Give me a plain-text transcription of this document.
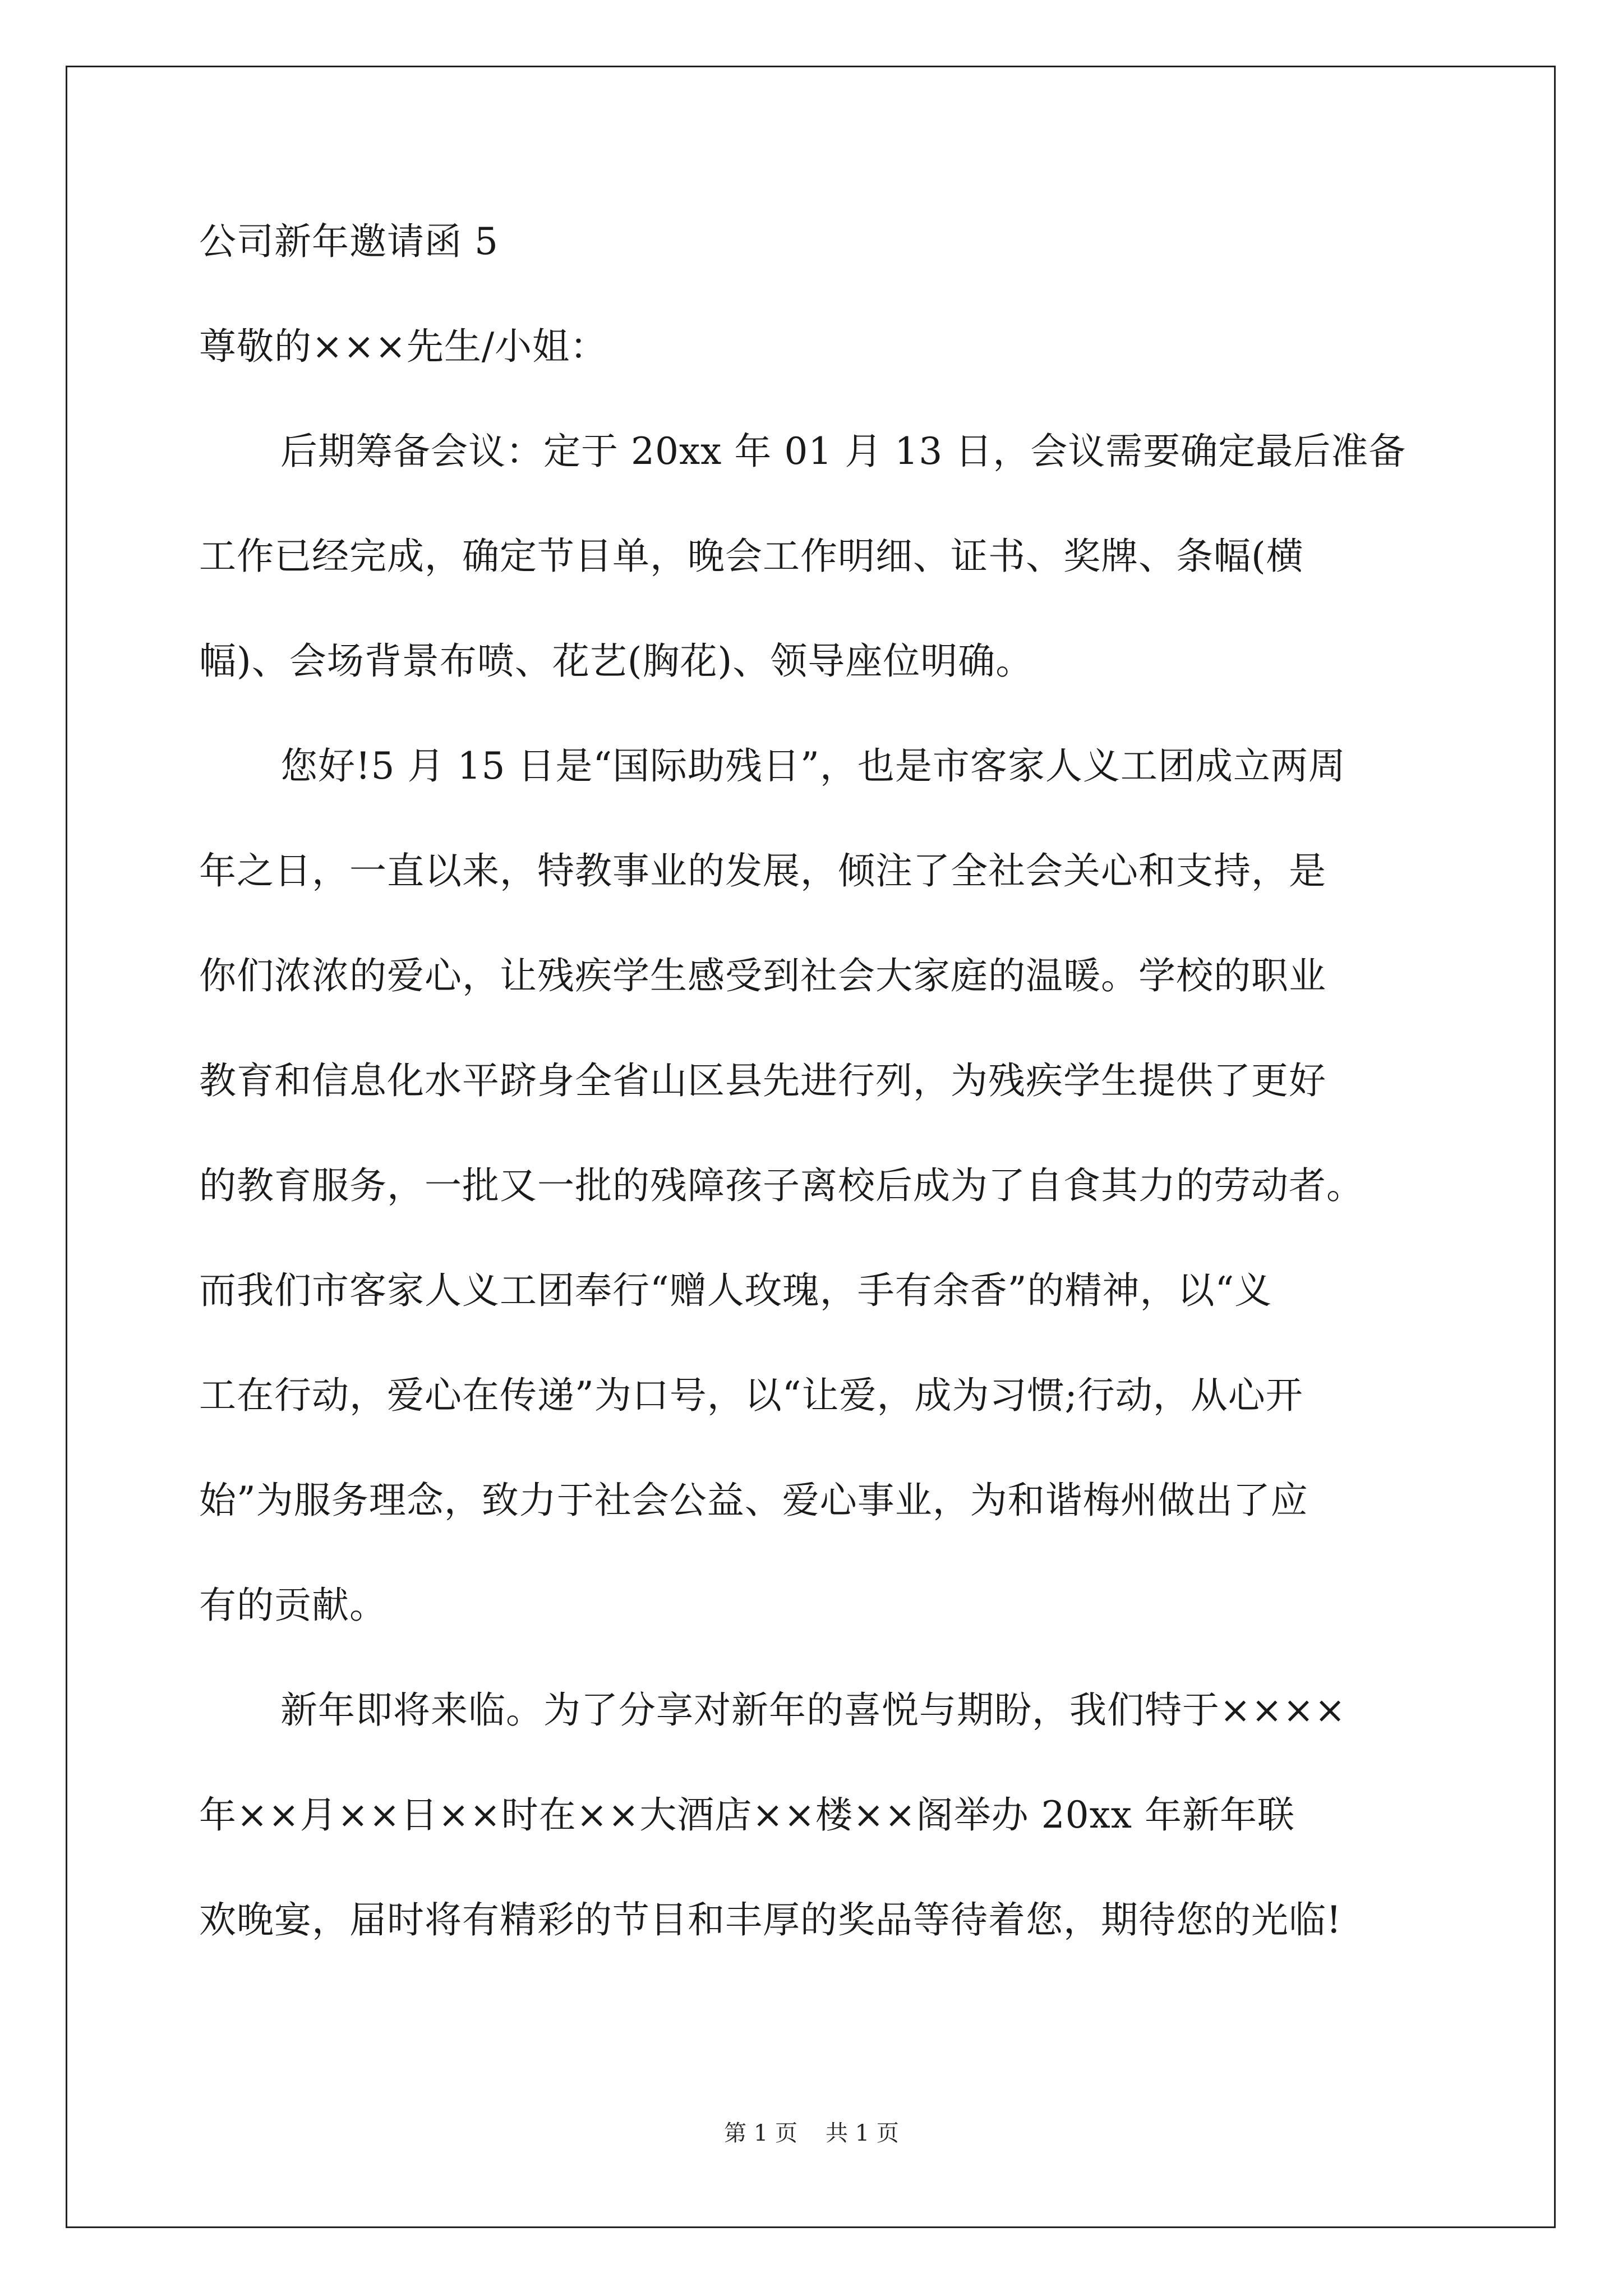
公司新年邀请函 5

尊敬的×××先生/小姐：

后期筹备会议：定于 20xx 年 01 月 13 日，会议需要确定最后准备

工作已经完成，确定节目单，晚会工作明细、证书、奖牌、条幅(横

幅)、会场背景布喷、花艺(胸花)、领导座位明确。

您好!5 月 15 日是“国际助残日”，也是市客家人义工团成立两周

年之日，一直以来，特教事业的发展，倾注了全社会关心和支持，是

你们浓浓的爱心，让残疾学生感受到社会大家庭的温暖。学校的职业

教育和信息化水平跻身全省山区县先进行列，为残疾学生提供了更好

的教育服务，一批又一批的残障孩子离校后成为了自食其力的劳动者。

而我们市客家人义工团奉行“赠人玫瑰，手有余香”的精神，以“义

工在行动，爱心在传递”为口号，以“让爱，成为习惯;行动，从心开

始”为服务理念，致力于社会公益、爱心事业，为和谐梅州做出了应

有的贡献。

新年即将来临。为了分享对新年的喜悦与期盼，我们特于××××

年××月××日××时在××大酒店××楼××阁举办 20xx 年新年联

欢晚宴，届时将有精彩的节目和丰厚的奖品等待着您，期待您的光临!

第 1 页 共 1 页
